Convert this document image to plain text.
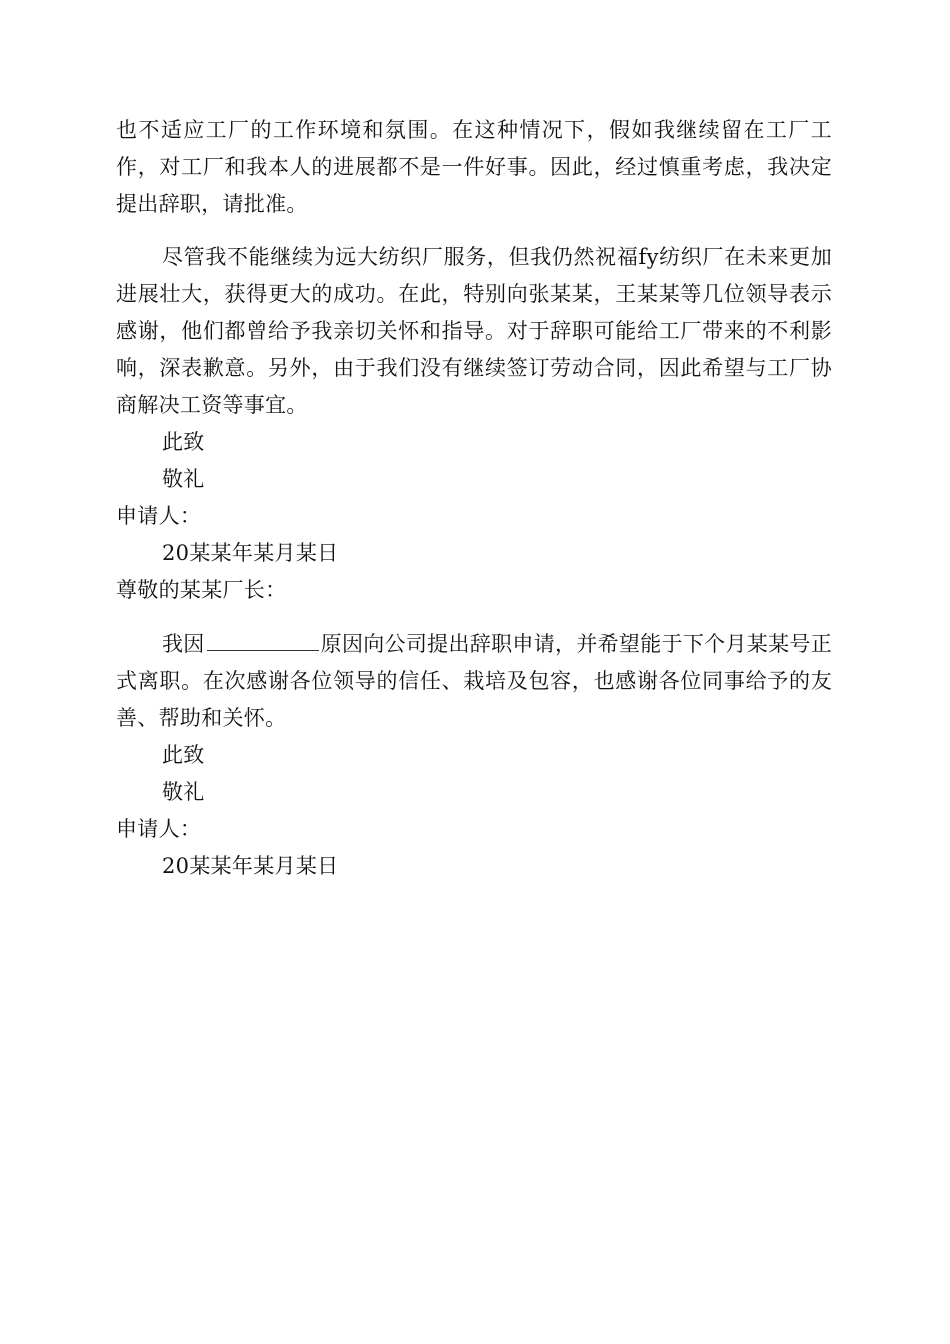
也不适应工厂的工作环境和氛围。在这种情况下，假如我继续留在工厂工作，对工厂和我本人的进展都不是一件好事。因此，经过慎重考虑，我决定提出辞职，请批准。

尽管我不能继续为远大纺织厂服务，但我仍然祝福fy纺织厂在未来更加进展壮大，获得更大的成功。在此，特别向张某某，王某某等几位领导表示感谢，他们都曾给予我亲切关怀和指导。对于辞职可能给工厂带来的不利影响，深表歉意。另外，由于我们没有继续签订劳动合同，因此希望与工厂协商解决工资等事宜。

此致

敬礼

申请人：

20某某年某月某日

尊敬的某某厂长：

我因	原因向公司提出辞职申请，并希望能于下个月某某号正式离职。在次感谢各位领导的信任、栽培及包容，也感谢各位同事给予的友善、帮助和关怀。

此致

敬礼

申请人：

20某某年某月某日
